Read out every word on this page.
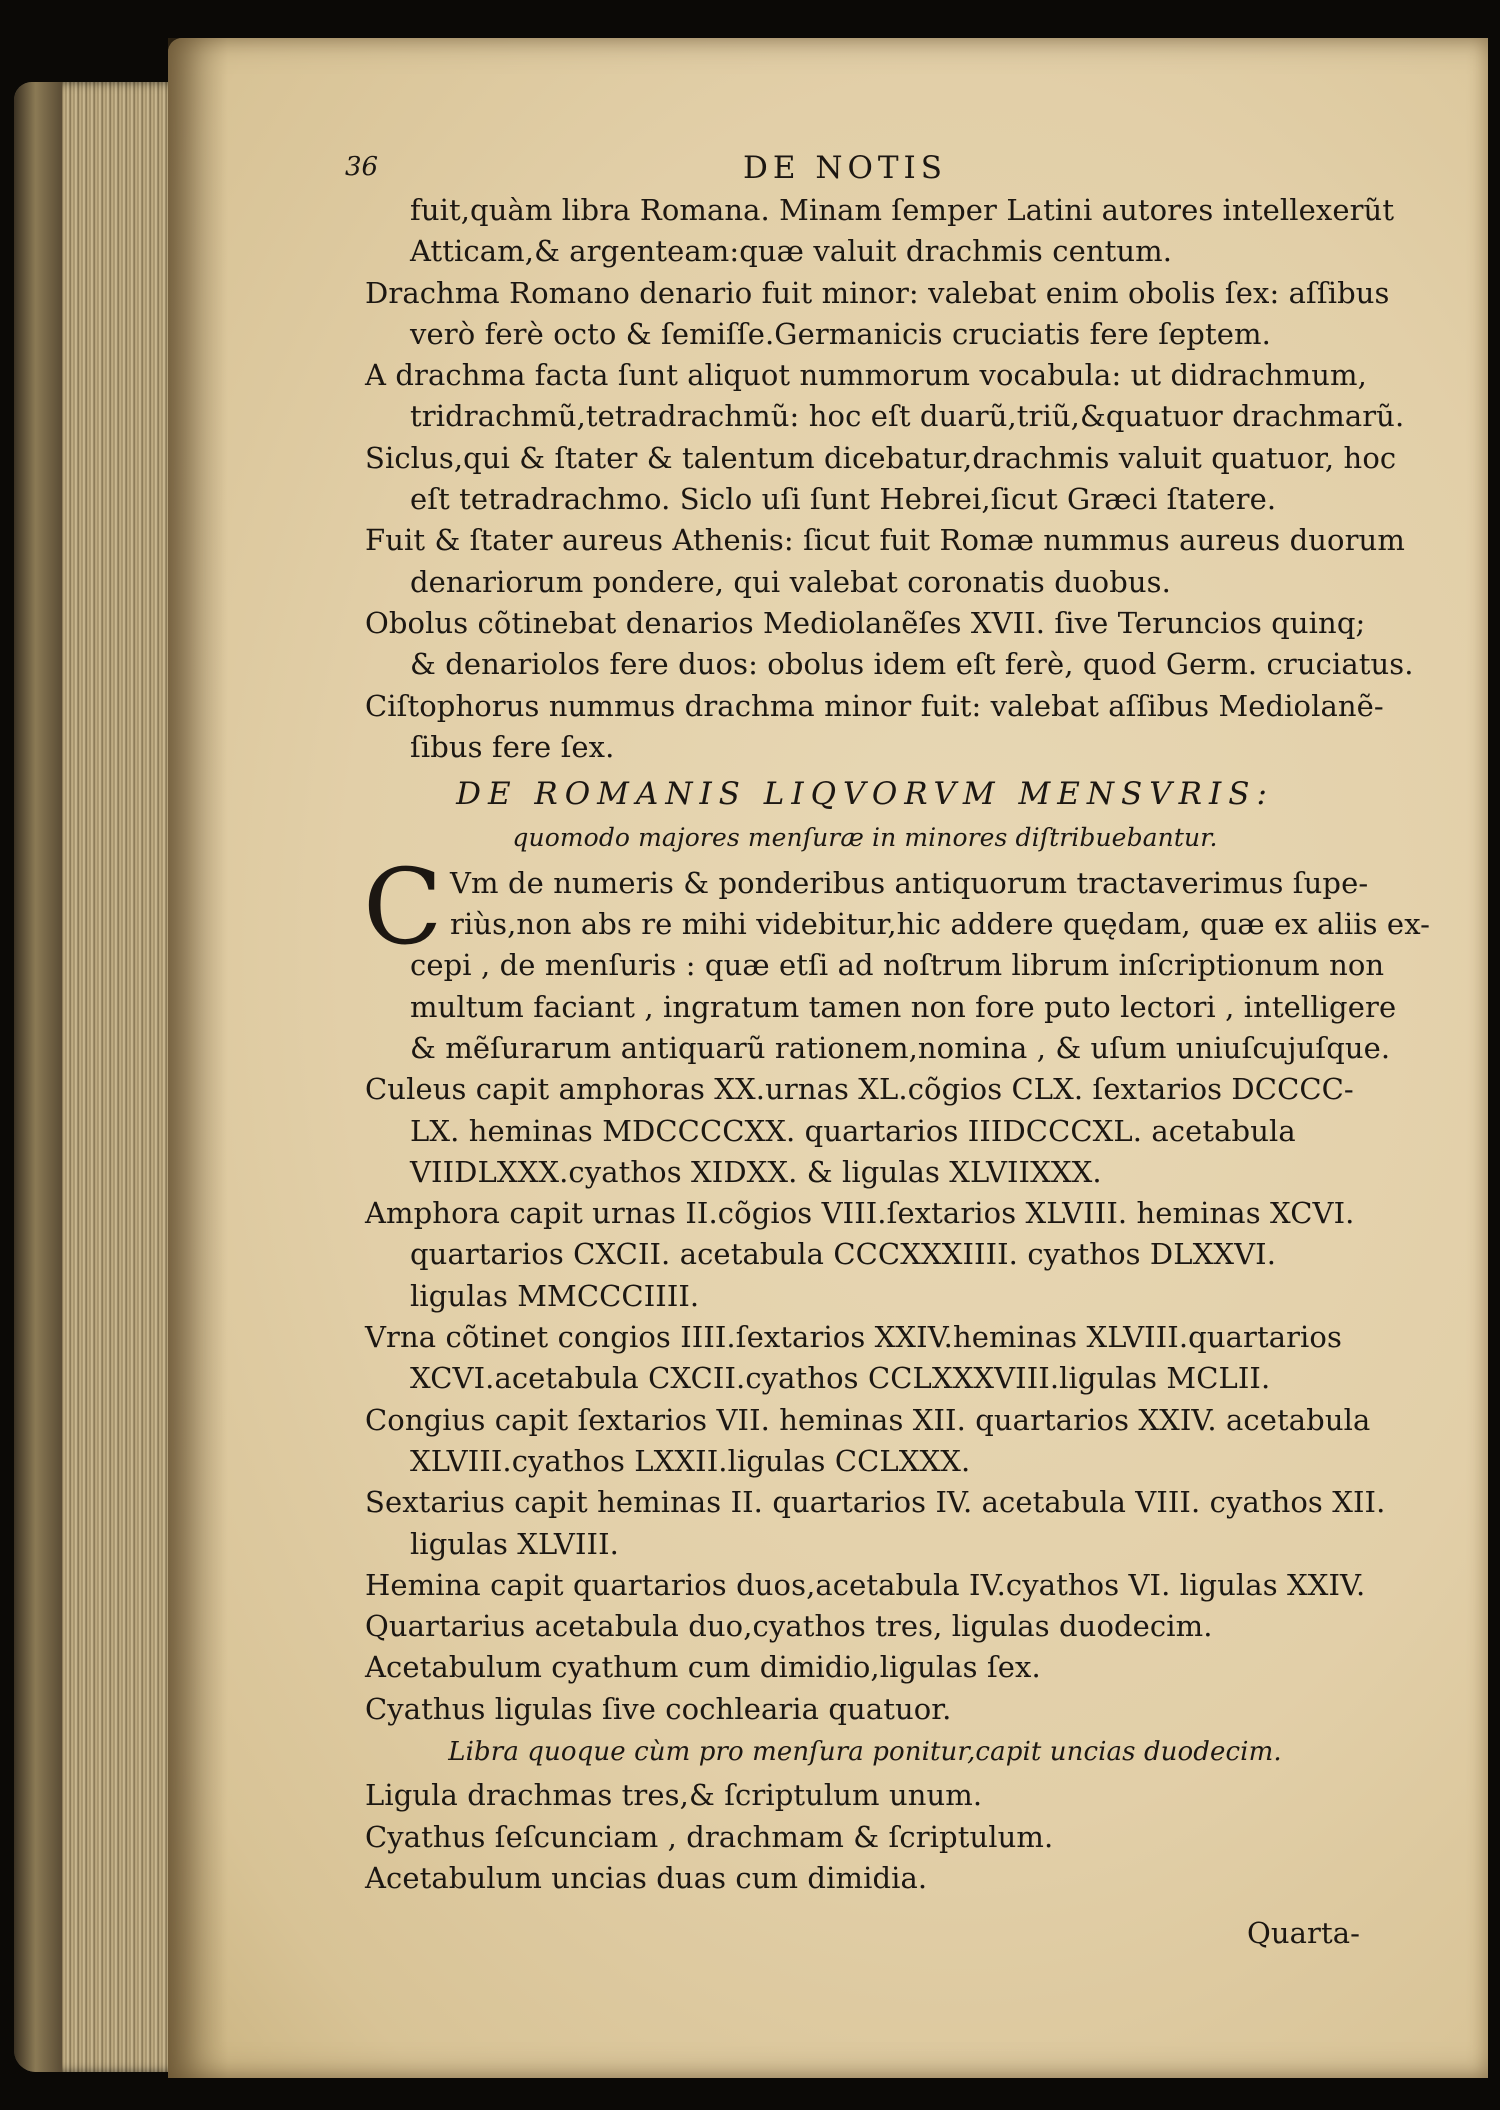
36	DE NOTIS
fuit,quàm libra Romana. Minam ſemper Latini autores intellexerũt
Atticam,& argenteam:quæ valuit drachmis centum.
Drachma Romano denario fuit minor: valebat enim obolis ſex: aſſibus
verò ferè octo & ſemiſſe.Germanicis cruciatis fere ſeptem.
A drachma facta ſunt aliquot nummorum vocabula: ut didrachmum,
tridrachmũ,tetradrachmũ: hoc eſt duarũ,triũ,&quatuor drachmarũ.
Siclus,qui & ſtater & talentum dicebatur,drachmis valuit quatuor, hoc
eſt tetradrachmo. Siclo uſi ſunt Hebrei,ſicut Græci ſtatere.
Fuit & ſtater aureus Athenis: ſicut fuit Romæ nummus aureus duorum
denariorum pondere, qui valebat coronatis duobus.
Obolus cõtinebat denarios Mediolanẽſes XVII. ſive Teruncios quinq;
& denariolos fere duos: obolus idem eſt ferè, quod Germ. cruciatus.
Ciſtophorus nummus drachma minor fuit: valebat aſſibus Mediolanẽ-
ſibus fere ſex.
DE ROMANIS LIQVORVM MENSVRIS:
quomodo majores menſuræ in minores diſtribuebantur.
C Vm de numeris & ponderibus antiquorum tractaverimus ſupe-
riùs,non abs re mihi videbitur,hic addere quędam, quæ ex aliis ex-
cepi , de menſuris : quæ etſi ad noſtrum librum inſcriptionum non
multum faciant , ingratum tamen non fore puto lectori , intelligere
& mẽſurarum antiquarũ rationem,nomina , & uſum uniuſcujuſque.
Culeus capit amphoras XX.urnas XL.cõgios CLX. ſextarios DCCCC-
LX. heminas MDCCCCXX. quartarios IIIDCCCXL. acetabula
VIIDLXXX.cyathos XIDXX. & ligulas XLVIIXXX.
Amphora capit urnas II.cõgios VIII.ſextarios XLVIII. heminas XCVI.
quartarios CXCII. acetabula CCCXXXIIII. cyathos DLXXVI.
ligulas MMCCCIIII.
Vrna cõtinet congios IIII.ſextarios XXIV.heminas XLVIII.quartarios
XCVI.acetabula CXCII.cyathos CCLXXXVIII.ligulas MCLII.
Congius capit ſextarios VII. heminas XII. quartarios XXIV. acetabula
XLVIII.cyathos LXXII.ligulas CCLXXX.
Sextarius capit heminas II. quartarios IV. acetabula VIII. cyathos XII.
ligulas XLVIII.
Hemina capit quartarios duos,acetabula IV.cyathos VI. ligulas XXIV.
Quartarius acetabula duo,cyathos tres, ligulas duodecim.
Acetabulum cyathum cum dimidio,ligulas ſex.
Cyathus ligulas ſive cochlearia quatuor.
Libra quoque cùm pro menſura ponitur,capit uncias duodecim.
Ligula drachmas tres,& ſcriptulum unum.
Cyathus ſeſcunciam , drachmam & ſcriptulum.
Acetabulum uncias duas cum dimidia.
Quarta-
